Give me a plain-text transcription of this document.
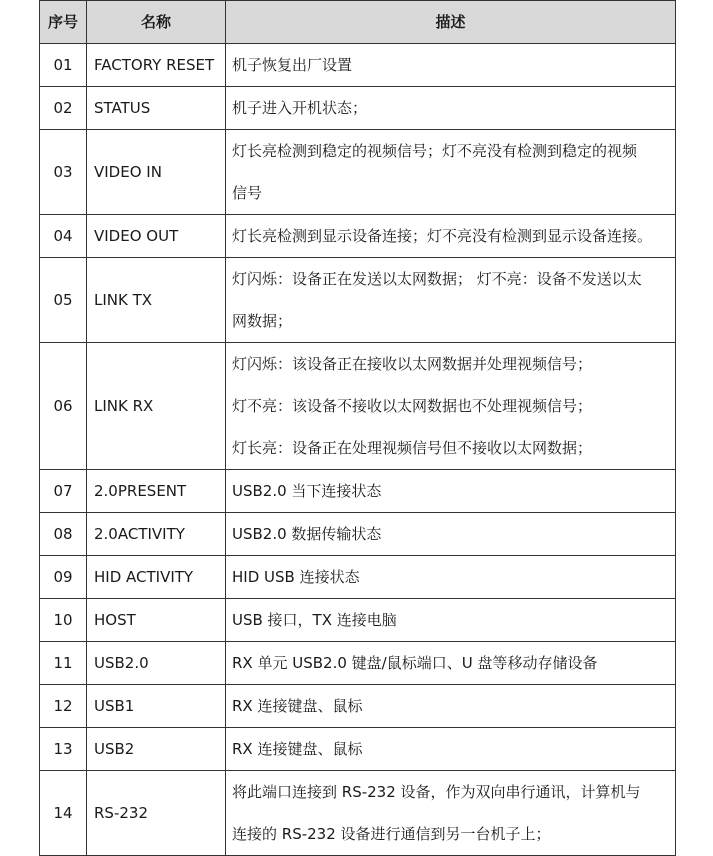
序号	名称	描述
01	FACTORY RESET	机子恢复出厂设置

02	STATUS	机子进入开机状态；

03	VIDEO IN	灯长亮检测到稳定的视频信号；灯不亮没有检测到稳定的视频
信号

04	VIDEO OUT	灯长亮检测到显示设备连接；灯不亮没有检测到显示设备连接。

05	LINK TX	灯闪烁：设备正在发送以太网数据； 灯不亮：设备不发送以太
网数据；

06	LINK RX	灯闪烁：该设备正在接收以太网数据并处理视频信号；
灯不亮：该设备不接收以太网数据也不处理视频信号；
灯长亮：设备正在处理视频信号但不接收以太网数据；

07	2.0PRESENT	USB2.0 当下连接状态

08	2.0ACTIVITY	USB2.0 数据传输状态

09	HID ACTIVITY	HID USB 连接状态

10	HOST	USB 接口，TX 连接电脑

11	USB2.0	RX 单元 USB2.0 键盘/鼠标端口、U 盘等移动存储设备

12	USB1	RX 连接键盘、鼠标

13	USB2	RX 连接键盘、鼠标

14	RS-232	将此端口连接到 RS-232 设备，作为双向串行通讯，计算机与
连接的 RS-232 设备进行通信到另一台机子上；
